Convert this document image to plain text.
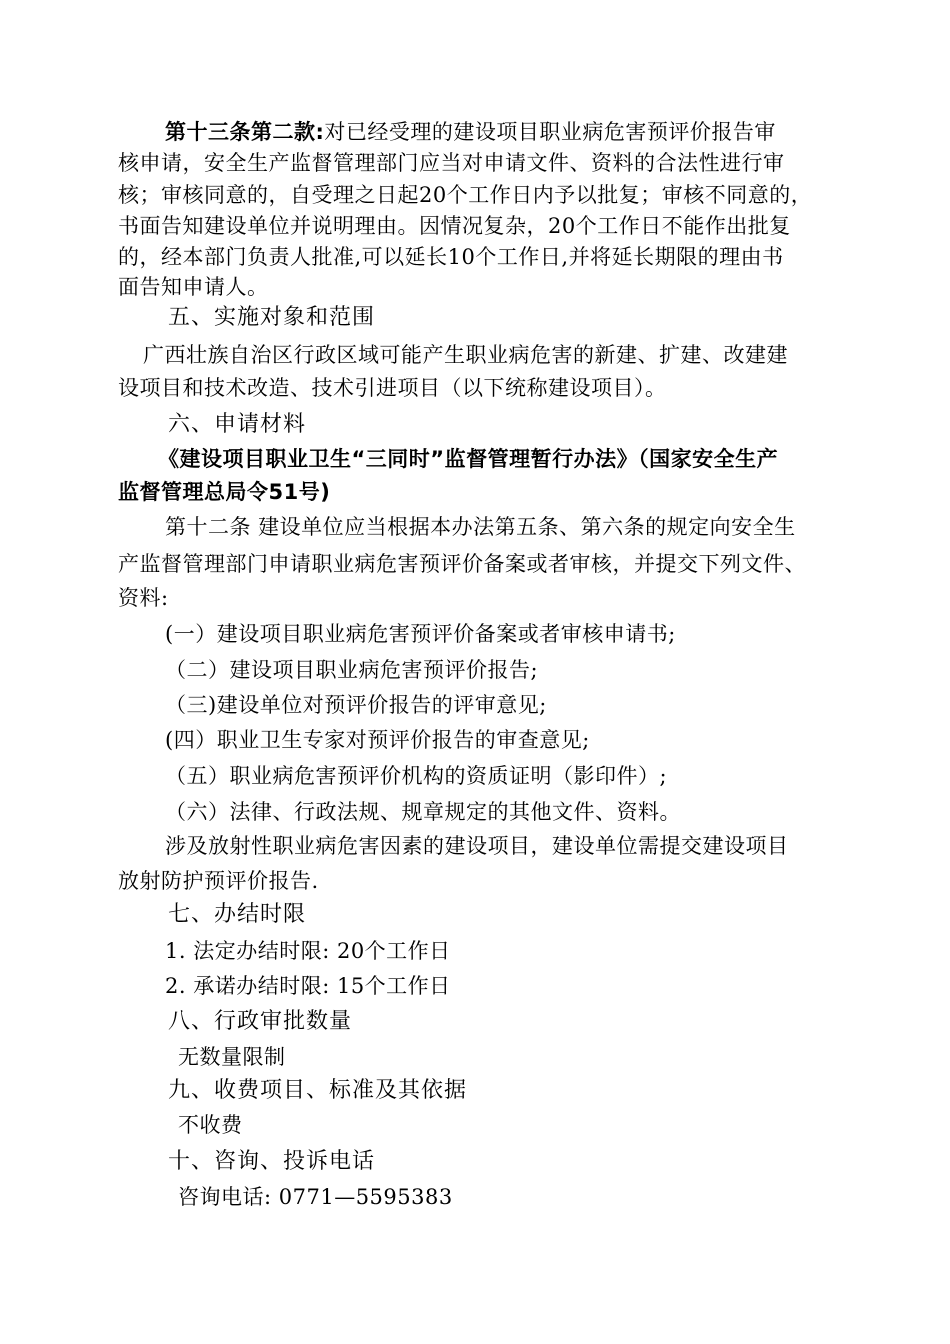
第十三条第二款:对已经受理的建设项目职业病危害预评价报告审
核申请，安全生产监督管理部门应当对申请文件、资料的合法性进行审
核；审核同意的，自受理之日起20个工作日内予以批复；审核不同意的，
书面告知建设单位并说明理由。因情况复杂，20个工作日不能作出批复
的，经本部门负责人批准,可以延长10个工作日,并将延长期限的理由书
面告知申请人。
五、实施对象和范围
广西壮族自治区行政区域可能产生职业病危害的新建、扩建、改建建
设项目和技术改造、技术引进项目（以下统称建设项目）。
六、申请材料
《建设项目职业卫生“三同时”监督管理暂行办法》（国家安全生产
监督管理总局令51号)
第十二条 建设单位应当根据本办法第五条、第六条的规定向安全生
产监督管理部门申请职业病危害预评价备案或者审核，并提交下列文件、
资料:
(一）建设项目职业病危害预评价备案或者审核申请书;
（二）建设项目职业病危害预评价报告;
（三)建设单位对预评价报告的评审意见;
(四）职业卫生专家对预评价报告的审查意见;
（五）职业病危害预评价机构的资质证明（影印件）;
（六）法律、行政法规、规章规定的其他文件、资料。
涉及放射性职业病危害因素的建设项目，建设单位需提交建设项目
放射防护预评价报告.
七、办结时限
1. 法定办结时限: 20个工作日
2. 承诺办结时限: 15个工作日
八、行政审批数量
无数量限制
九、收费项目、标准及其依据
不收费
十、咨询、投诉电话
咨询电话: 0771—5595383
